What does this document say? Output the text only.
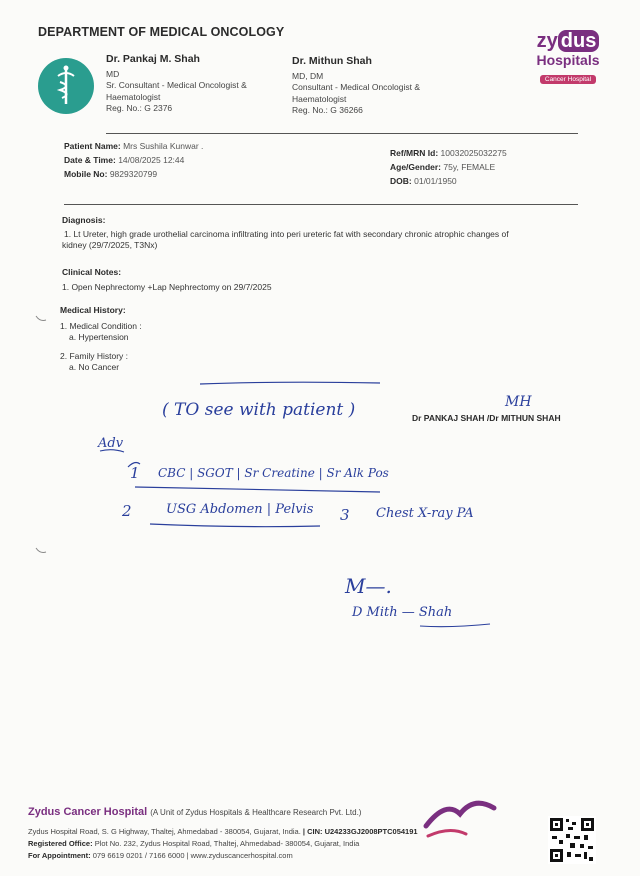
DEPARTMENT OF MEDICAL ONCOLOGY
Dr. Pankaj M. Shah
MD
Sr. Consultant - Medical Oncologist &
Haematologist
Reg. No.: G 2376
Dr. Mithun Shah
MD, DM
Consultant - Medical Oncologist &
Haematologist
Reg. No.: G 36266
zy dus
Hospitals
Cancer Hospital
Patient Name: Mrs Sushila Kunwar .
Date & Time: 14/08/2025 12:44
Mobile No: 9829320799
Ref/MRN Id: 10032025032275
Age/Gender: 75y, FEMALE
DOB: 01/01/1950
Diagnosis:
1. Lt Ureter, high grade urothelial carcinoma infiltrating into peri ureteric fat with secondary chronic atrophic changes of
kidney (29/7/2025, T3Nx)
Clinical Notes:
1. Open Nephrectomy +Lap Nephrectomy on 29/7/2025
Medical History:
1. Medical Condition :
a. Hypertension
2. Family History :
a. No Cancer
( TO see with patient )	Dr PANKAJ SHAH /Dr MITHUN SHAH
MH
Adv
1 CBC | SGOT | Sr Creatine | Sr Alk Pos
2	USG Abdomen | Pelvis 3 Chest X-ray PA
M—.
D Mith — Shah
Zydus Cancer Hospital (A Unit of Zydus Hospitals & Healthcare Research Pvt. Ltd.)
Zydus Hospital Road, S. G Highway, Thaltej, Ahmedabad - 380054, Gujarat, India. | CIN: U24233GJ2008PTC054191
Registered Office: Plot No. 232, Zydus Hospital Road, Thaltej, Ahmedabad- 380054, Gujarat, India
For Appointment: 079 6619 0201 / 7166 6000 | www.zyduscancerhospital.com
